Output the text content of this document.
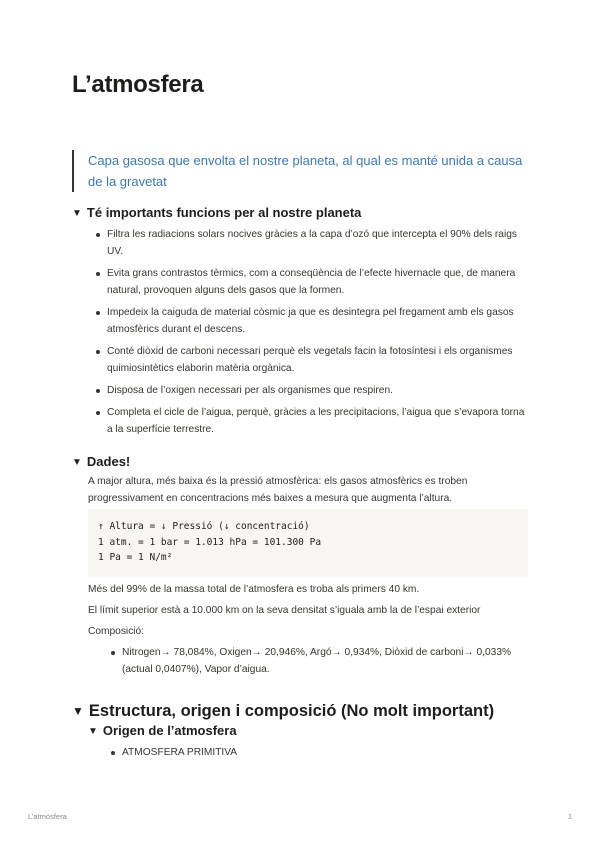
L’atmosfera
Capa gasosa que envolta el nostre planeta, al qual es manté unida a causa de la gravetat
▼ Té importants funcions per al nostre planeta
Filtra les radiacions solars nocives gràcies a la capa d’ozó que intercepta el 90% dels raigs UV.
Evita grans contrastos tèrmics, com a conseqüència de l’efecte hivernacle que, de manera natural, provoquen alguns dels gasos que la formen.
Impedeix la caiguda de material còsmic ja que es desintegra pel fregament amb els gasos atmosfèrics durant el descens.
Conté diòxid de carboni necessari perquè els vegetals facin la fotosíntesi i els organismes quimiosintètics elaborin matèria orgànica.
Disposa de l’oxigen necessari per als organismes que respiren.
Completa el cicle de l’aigua, perquè, gràcies a les precipitacions, l’aigua que s’evapora torna a la superfície terrestre.
▼ Dades!

A major altura, més baixa és la pressió atmosfèrica: els gasos atmosfèrics es troben progressivament en concentracions més baixes a mesura que augmenta l’altura.

↑ Altura = ↓ Pressió (↓ concentració)
1 atm. = 1 bar = 1.013 hPa = 101.300 Pa
1 Pa = 1 N/m²

Més del 99% de la massa total de l’atmosfera es troba als primers 40 km.

El límit superior està a 10.000 km on la seva densitat s’iguala amb la de l’espai exterior

Composició:

Nitrogen→ 78,084%, Oxigen→ 20,946%, Argó→ 0,934%, Diòxid de carboni→ 0,033% (actual 0,0407%), Vapor d’aigua.
▼ Estructura, origen i composició (No molt important)
▼ Origen de l’atmosfera
ATMOSFERA PRIMITIVA
L’atmosfera	1
